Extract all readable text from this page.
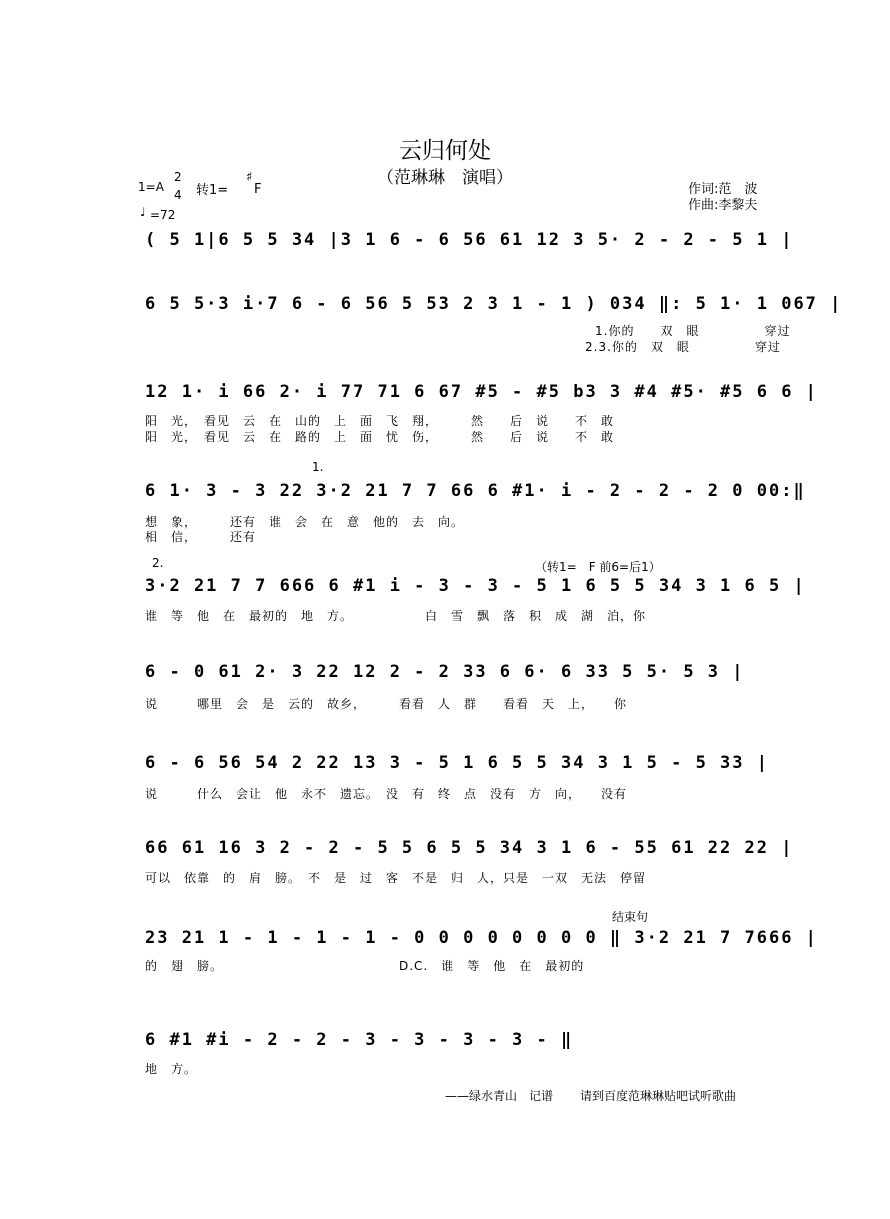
云归何处
（范琳琳　演唱）
1=A
2
4 转1=
♯
F
♩ =72
作词:范　波
作曲:李黎夫
( 5 1|6 5 5 34 |3 1 6 - 6 56 61 12 3 5· 2 - 2 - 5 1 |
6 5 5·3 i·7 6 - 6 56 5 53 2 3 1 - 1 ) 034 ‖: 5 1· 1 067 |
1.你的　　双　眼　　　　　穿过
2.3.你的　双　眼　　　　　穿过
12 1· i 66 2· i 77 71 6 67 #5 - #5 b3 3 #4 #5· #5 6 6 |
阳　光，　看见　云　在　山的　上　面　飞　翔，　　　然　　后　说　　不　敢
阳　光，　看见　云　在　路的　上　面　忧　伤，　　　然　　后　说　　不　敢
1.
6 1· 3 - 3 22 3·2 21 7 7 66 6 #1· i - 2 - 2 - 2 0 00:‖
想　象，　　　还有　谁　会　在　意　他的　去　向。
相　信，　　　还有
2.	（转1=　F 前6=后1）
3·2 21 7 7 666 6 #1 i - 3 - 3 - 5 1 6 5 5 34 3 1 6 5 |
谁　等　他　在　最初的　地　方。　　　　　　白　雪　飘　落　积　成　湖　泊，你
6 - 0 61 2· 3 22 12 2 - 2 33 6 6· 6 33 5 5· 5 3 |
说　　　哪里　会　是　云的　故乡，　　　看看　人　群　　看看　天　上，　　你
6 - 6 56 54 2 22 13 3 - 5 1 6 5 5 34 3 1 5 - 5 33 |
说　　　什么　会让　他　永不　遗忘。　没　有　终　点　没有　方　向，　　没有
66 61 16 3 2 - 2 - 5 5 6 5 5 34 3 1 6 - 55 61 22 22 |
可以　依靠　的　肩　膀。　不　是　过　客　不是　归　人，只是　一双　无法　停留
结束句
23 21 1 - 1 - 1 - 1 - 0 0 0 0 0 0 0 0 ‖ 3·2 21 7 7666 |
的　翅　膀。　　　　　　　　　　　　　　D.C.　谁　等　他　在　最初的
6 #1 #i - 2 - 2 - 3 - 3 - 3 - 3 - ‖
地　方。
——绿水青山　记谱 请到百度范琳琳贴吧试听歌曲
